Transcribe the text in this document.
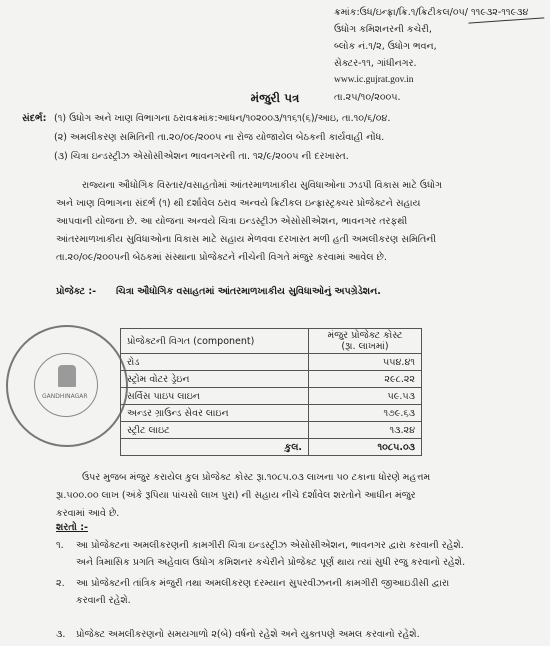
ક્રમાંક:ઉધ/ઇન્ફ્રા/ક્રિ.૧/ક્રિટીકલ/૦૫/ ૧૧૯૩૨-૧૧૯૩૪
ઉધોગ કમિશનરની કચેરી,
બ્લોક નં.૧/૨, ઉધોગ ભવન,
સેક્ટર-૧૧, ગાંધીનગર.
www.ic.gujrat.gov.in
તા.૨૫/૧૦/૨૦૦૫.
મંજુરી પત્ર
સંદર્ભ: (૧) ઉધોગ અને ખાણ વિભાગના ઠરાવક્રમાંક:આધન/૧૦૨૦૦૩/૧૧૬૧(૬)/આઇ, તા.૧૦/૬/૦૪.
(૨) અમલીકરણ સમિતિની તા.૨૦/૦૯/૨૦૦૫ ના રોજ યોજાયેલ બેઠકની કાર્યવાહી નોંધ.
(૩) ચિત્રા ઇન્ડસ્ટ્રીઝ એસોસીએશન ભાવનગરની તા. ૧૨/૯/૨૦૦૫ ની દરખાસ્ત.
રાજ્યના ઔધોગિક વિસ્તાર/વસાહતોમાં આંતરમાળખાકીય સુવિધાઓના ઝડપી વિકાસ માટે ઉધોગ
અને ખાણ વિભાગના સંદર્ભ (૧) થી દર્શાવેલ ઠરાવ અન્વયે ક્રિટીકલ ઇન્ફ્રાસ્ટ્રક્ચર પ્રોજેક્ટને સહાય
આપવાની યોજના છે. આ યોજના અન્વયે ચિત્રા ઇન્ડસ્ટ્રીઝ એસોસીએશન, ભાવનગર તરફથી
આંતરમાળખાકીય સુવિધાઓના વિકાસ માટે સહાય મેળવવા દરખાસ્ત મળી હતી અમલીકરણ સમિતિની
તા.૨૦/૦૯/૨૦૦૫ની બેઠકમાં સંસ્થાના પ્રોજેક્ટને નીચેની વિગતે મંજુર કરવામાં આવેલ છે.
પ્રોજેક્ટ :- ચિત્રા ઔધોગિક વસાહતમાં આંતરમાળખાકીય સુવિધાઓનું અપગ્રેડેશન.
GANDHINAGAR
પ્રોજેક્ટની વિગત (component)	મંજુર પ્રોજેક્ટ કોસ્ટ
(રૂા. લાખમાં)

રોડ	૫૫૪.૪૧
સ્ટ્રોમ વોટર ડ્રેઇન	૨૯૮.૨૨
સર્વિસ પાઇપ લાઇન	૫૯.૫૩
અન્ડર ગ્રાઉન્ડ સેવર લાઇન	૧૭૯.૬૩
સ્ટ્રીટ લાઇટ	૧૩.૨૪
કુલ.	૧૦૮૫.૦૩
ઉપર મુજબ મંજુર કરાયેલ કુલ પ્રોજેક્ટ કોસ્ટ રૂા.૧૦૮૫.૦૩ લાખના ૫૦ ટકાના ધોરણે મહત્તમ
રૂા.૫૦૦.૦૦ લાખ (અંકે રૂપિયા પાંચસો લાખ પુરા) ની સહાય નીચે દર્શાવેલ શરતોને આધીન મંજુર
કરવામાં આવે છે.
શરતો :-
૧. આ પ્રોજેક્ટના અમલીકરણની કામગીરી ચિત્રા ઇન્ડસ્ટ્રીઝ એસોસીએશન, ભાવનગર દ્વારા કરવાની રહેશે.
અને ત્રિમાસિક પ્રગતિ અહેવાલ ઉધોગ કમિશનર કચેરીને પ્રોજેક્ટ પૂર્ણ થાય ત્યાં સુધી રજુ કરવાનો રહેશે.
૨. આ પ્રોજેક્ટની તાંત્રિક મંજુરી તથા અમલીકરણ દરમ્યાન સુપરવીઝનની કામગીરી જીઆઇડીસી દ્વારા
કરવાની રહેશે.
૩. પ્રોજેક્ટ અમલીકરણનો સમયગાળો ૨(બે) વર્ષનો રહેશે અને યુક્તપણે અમલ કરવાનો રહેશે.
